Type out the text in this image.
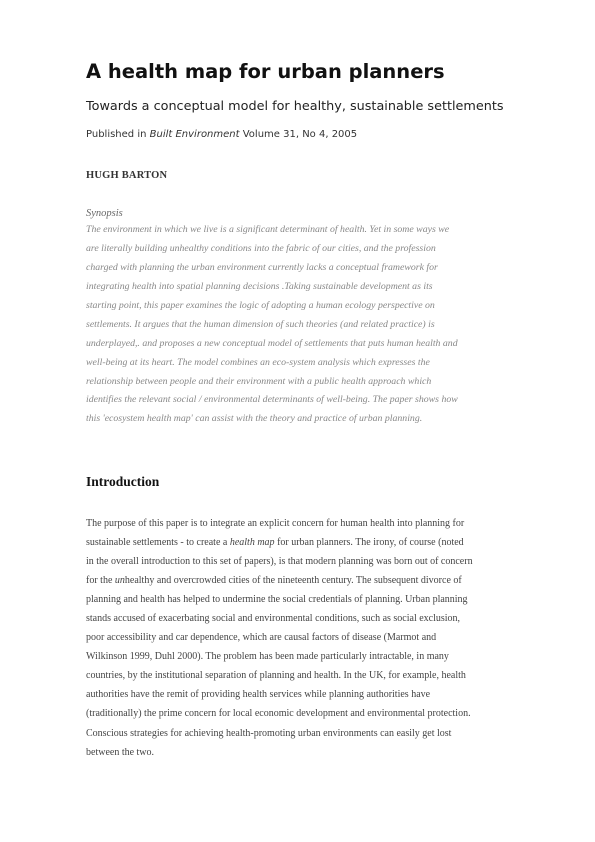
A health map for urban planners
Towards a conceptual model for healthy, sustainable settlements
Published in Built Environment Volume 31, No 4, 2005
HUGH BARTON
Synopsis
The environment in which we live is a significant determinant of health. Yet in some ways we
are literally building unhealthy conditions into the fabric of our cities, and the profession
charged with planning the urban environment currently lacks a conceptual framework for
integrating health into spatial planning decisions .Taking sustainable development as its
starting point, this paper examines the logic of adopting a human ecology perspective on
settlements. It argues that the human dimension of such theories (and related practice) is
underplayed,. and proposes a new conceptual model of settlements that puts human health and
well-being at its heart. The model combines an eco-system analysis which expresses the
relationship between people and their environment with a public health approach which
identifies the relevant social / environmental determinants of well-being. The paper shows how
this 'ecosystem health map' can assist with the theory and practice of urban planning.
Introduction
The purpose of this paper is to integrate an explicit concern for human health into planning for
sustainable settlements - to create a health map for urban planners. The irony, of course (noted
in the overall introduction to this set of papers), is that modern planning was born out of concern
for the unhealthy and overcrowded cities of the nineteenth century. The subsequent divorce of
planning and health has helped to undermine the social credentials of planning. Urban planning
stands accused of exacerbating social and environmental conditions, such as social exclusion,
poor accessibility and car dependence, which are causal factors of disease (Marmot and
Wilkinson 1999, Duhl 2000). The problem has been made particularly intractable, in many
countries, by the institutional separation of planning and health. In the UK, for example, health
authorities have the remit of providing health services while planning authorities have
(traditionally) the prime concern for local economic development and environmental protection.
Conscious strategies for achieving health-promoting urban environments can easily get lost
between the two.
